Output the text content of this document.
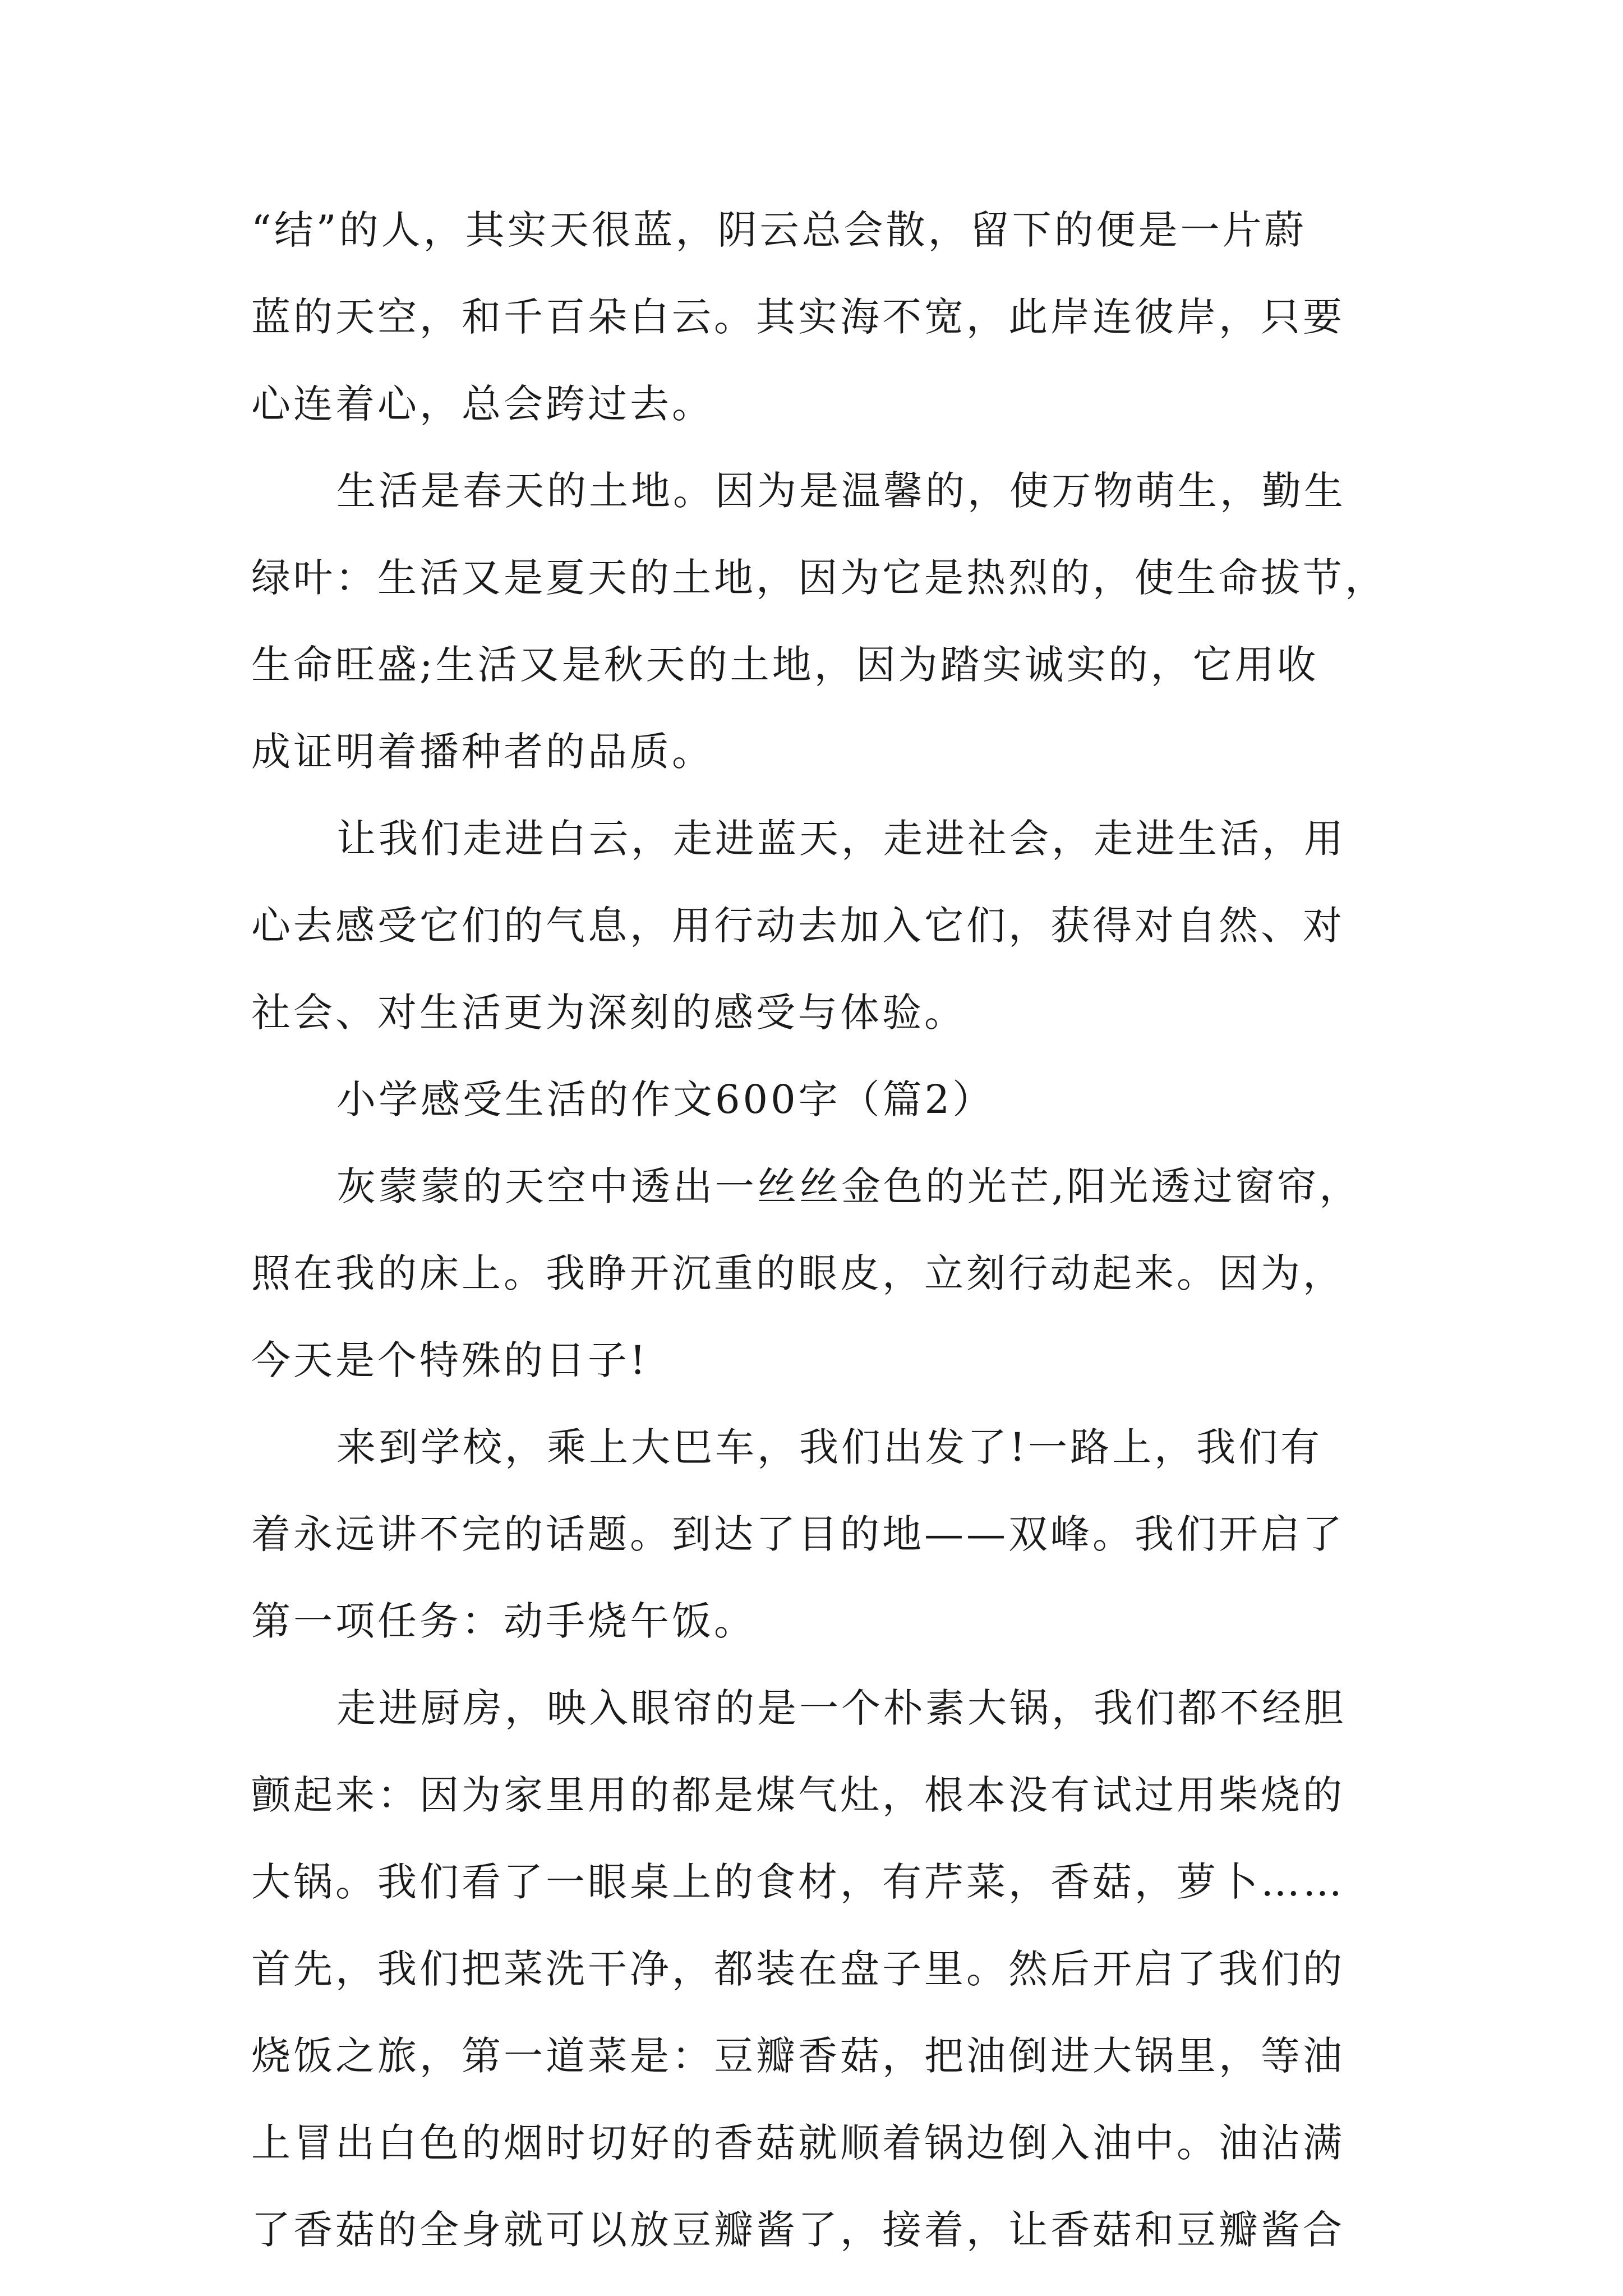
“结”的人，其实天很蓝，阴云总会散，留下的便是一片蔚
蓝的天空，和千百朵白云。其实海不宽，此岸连彼岸，只要
心连着心，总会跨过去。
生活是春天的土地。因为是温馨的，使万物萌生，勤生
绿叶：生活又是夏天的土地，因为它是热烈的，使生命拔节，
生命旺盛;生活又是秋天的土地，因为踏实诚实的，它用收
成证明着播种者的品质。
让我们走进白云，走进蓝天，走进社会，走进生活，用
心去感受它们的气息，用行动去加入它们，获得对自然、对
社会、对生活更为深刻的感受与体验。
小学感受生活的作文600字（篇2）
灰蒙蒙的天空中透出一丝丝金色的光芒,阳光透过窗帘，
照在我的床上。我睁开沉重的眼皮，立刻行动起来。因为，
今天是个特殊的日子!
来到学校，乘上大巴车，我们出发了!一路上，我们有
着永远讲不完的话题。到达了目的地——双峰。我们开启了
第一项任务：动手烧午饭。
走进厨房，映入眼帘的是一个朴素大锅，我们都不经胆
颤起来：因为家里用的都是煤气灶，根本没有试过用柴烧的
大锅。我们看了一眼桌上的食材，有芹菜，香菇，萝卜……
首先，我们把菜洗干净，都装在盘子里。然后开启了我们的
烧饭之旅，第一道菜是：豆瓣香菇，把油倒进大锅里，等油
上冒出白色的烟时切好的香菇就顺着锅边倒入油中。油沾满
了香菇的全身就可以放豆瓣酱了，接着，让香菇和豆瓣酱合
